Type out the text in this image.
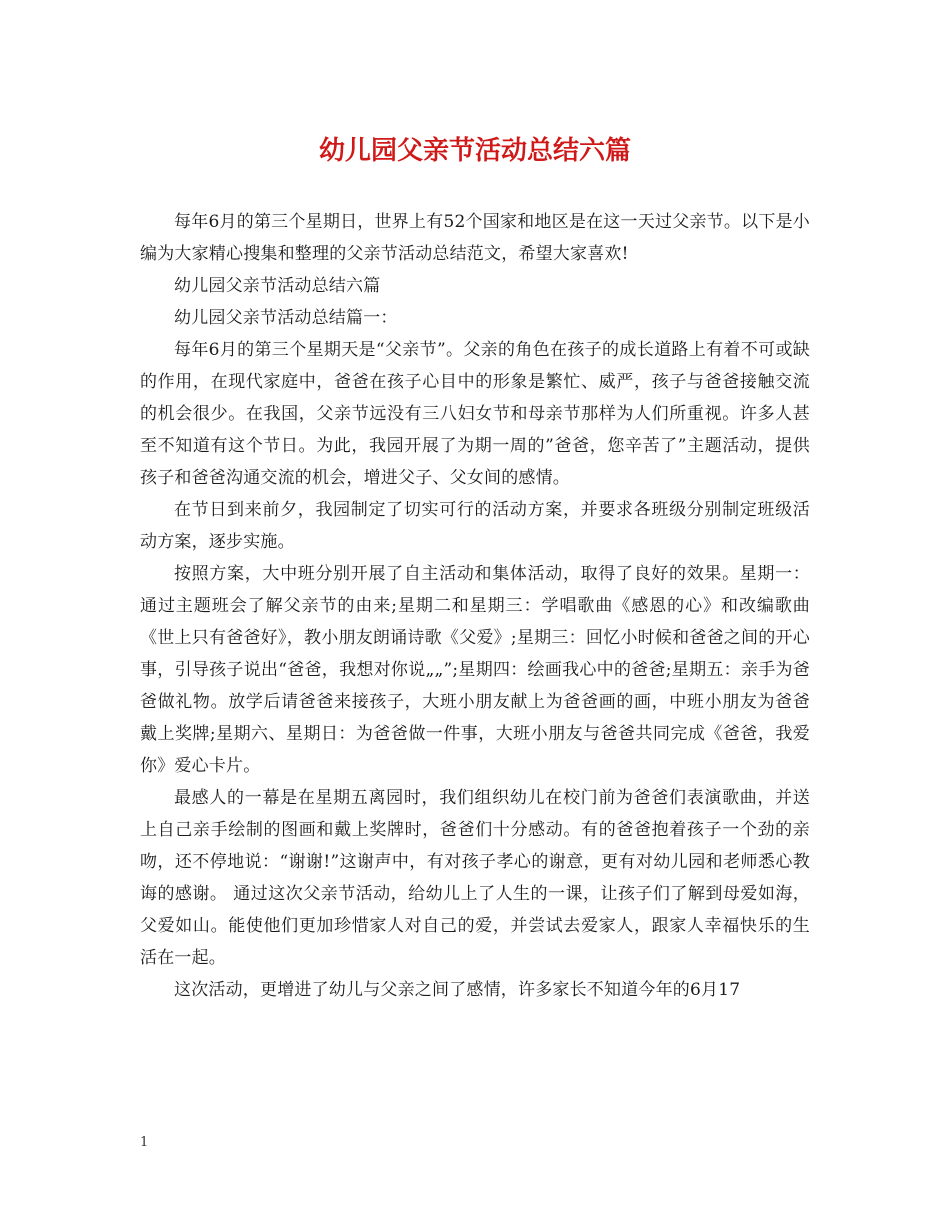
幼儿园父亲节活动总结六篇

每年6月的第三个星期日，世界上有52个国家和地区是在这一天过父亲节。以下是小编为大家精心搜集和整理的父亲节活动总结范文，希望大家喜欢!

幼儿园父亲节活动总结六篇

幼儿园父亲节活动总结篇一：

每年6月的第三个星期天是“父亲节”。父亲的角色在孩子的成长道路上有着不可或缺的作用，在现代家庭中，爸爸在孩子心目中的形象是繁忙、威严，孩子与爸爸接触交流的机会很少。在我国，父亲节远没有三八妇女节和母亲节那样为人们所重视。许多人甚至不知道有这个节日。为此，我园开展了为期一周的”爸爸，您辛苦了”主题活动，提供孩子和爸爸沟通交流的机会，增进父子、父女间的感情。

在节日到来前夕，我园制定了切实可行的活动方案，并要求各班级分别制定班级活动方案，逐步实施。

按照方案，大中班分别开展了自主活动和集体活动，取得了良好的效果。星期一：通过主题班会了解父亲节的由来;星期二和星期三：学唱歌曲《感恩的心》和改编歌曲《世上只有爸爸好》，教小朋友朗诵诗歌《父爱》;星期三：回忆小时候和爸爸之间的开心事，引导孩子说出“爸爸，我想对你说„„”;星期四：绘画我心中的爸爸;星期五：亲手为爸爸做礼物。放学后请爸爸来接孩子，大班小朋友献上为爸爸画的画，中班小朋友为爸爸戴上奖牌;星期六、星期日：为爸爸做一件事，大班小朋友与爸爸共同完成《爸爸，我爱你》爱心卡片。

最感人的一幕是在星期五离园时，我们组织幼儿在校门前为爸爸们表演歌曲，并送上自己亲手绘制的图画和戴上奖牌时，爸爸们十分感动。有的爸爸抱着孩子一个劲的亲吻，还不停地说：“谢谢!”这谢声中，有对孩子孝心的谢意，更有对幼儿园和老师悉心教诲的感谢。 通过这次父亲节活动，给幼儿上了人生的一课，让孩子们了解到母爱如海，父爱如山。能使他们更加珍惜家人对自己的爱，并尝试去爱家人，跟家人幸福快乐的生活在一起。

这次活动，更增进了幼儿与父亲之间了感情，许多家长不知道今年的6月17

1
